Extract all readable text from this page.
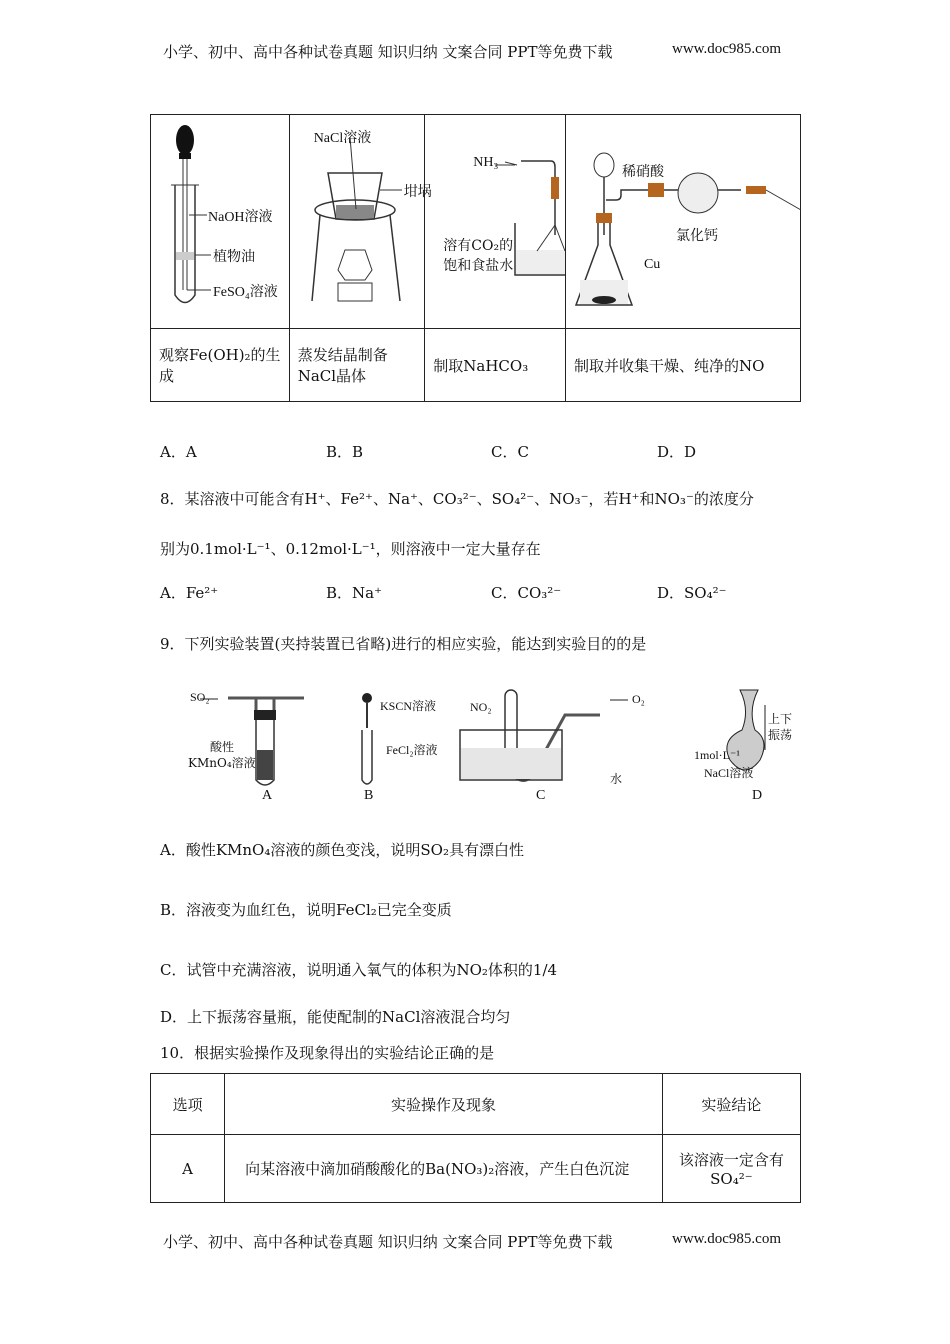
小学、初中、高中各种试卷真题 知识归纳 文案合同 PPT等免费下载	www.doc985.com
NaOH溶液
植物油
FeSO₄溶液	NaCl溶液
坩埚	NH₃
溶有CO₂的
饱和食盐水	稀硝酸
氯化钙
Cu

观察Fe(OH)₂的生成	蒸发结晶制备NaCl晶体	制取NaHCO₃	制取并收集干燥、纯净的NO
A．A	B．B	C．C	D．D
8．某溶液中可能含有H⁺、Fe²⁺、Na⁺、CO₃²⁻、SO₄²⁻、NO₃⁻，若H⁺和NO₃⁻的浓度分
别为0.1mol·L⁻¹、0.12mol·L⁻¹，则溶液中一定大量存在
A．Fe²⁺	B．Na⁺	C．CO₃²⁻	D．SO₄²⁻
9．下列实验装置(夹持装置已省略)进行的相应实验，能达到实验目的的是
SO₂
酸性
KMnO₄溶液
KSCN溶液
FeCl₂溶液
NO₂
O₂
水
上下
振荡
1mol·L⁻¹
NaCl溶液
A	B	C	D
A．酸性KMnO₄溶液的颜色变浅，说明SO₂具有漂白性
B．溶液变为血红色，说明FeCl₂已完全变质
C．试管中充满溶液，说明通入氧气的体积为NO₂体积的1/4
D．上下振荡容量瓶，能使配制的NaCl溶液混合均匀
10．根据实验操作及现象得出的实验结论正确的是
选项	实验操作及现象	实验结论
A	向某溶液中滴加硝酸酸化的Ba(NO₃)₂溶液，产生白色沉淀	该溶液一定含有
SO₄²⁻
小学、初中、高中各种试卷真题 知识归纳 文案合同 PPT等免费下载	www.doc985.com
